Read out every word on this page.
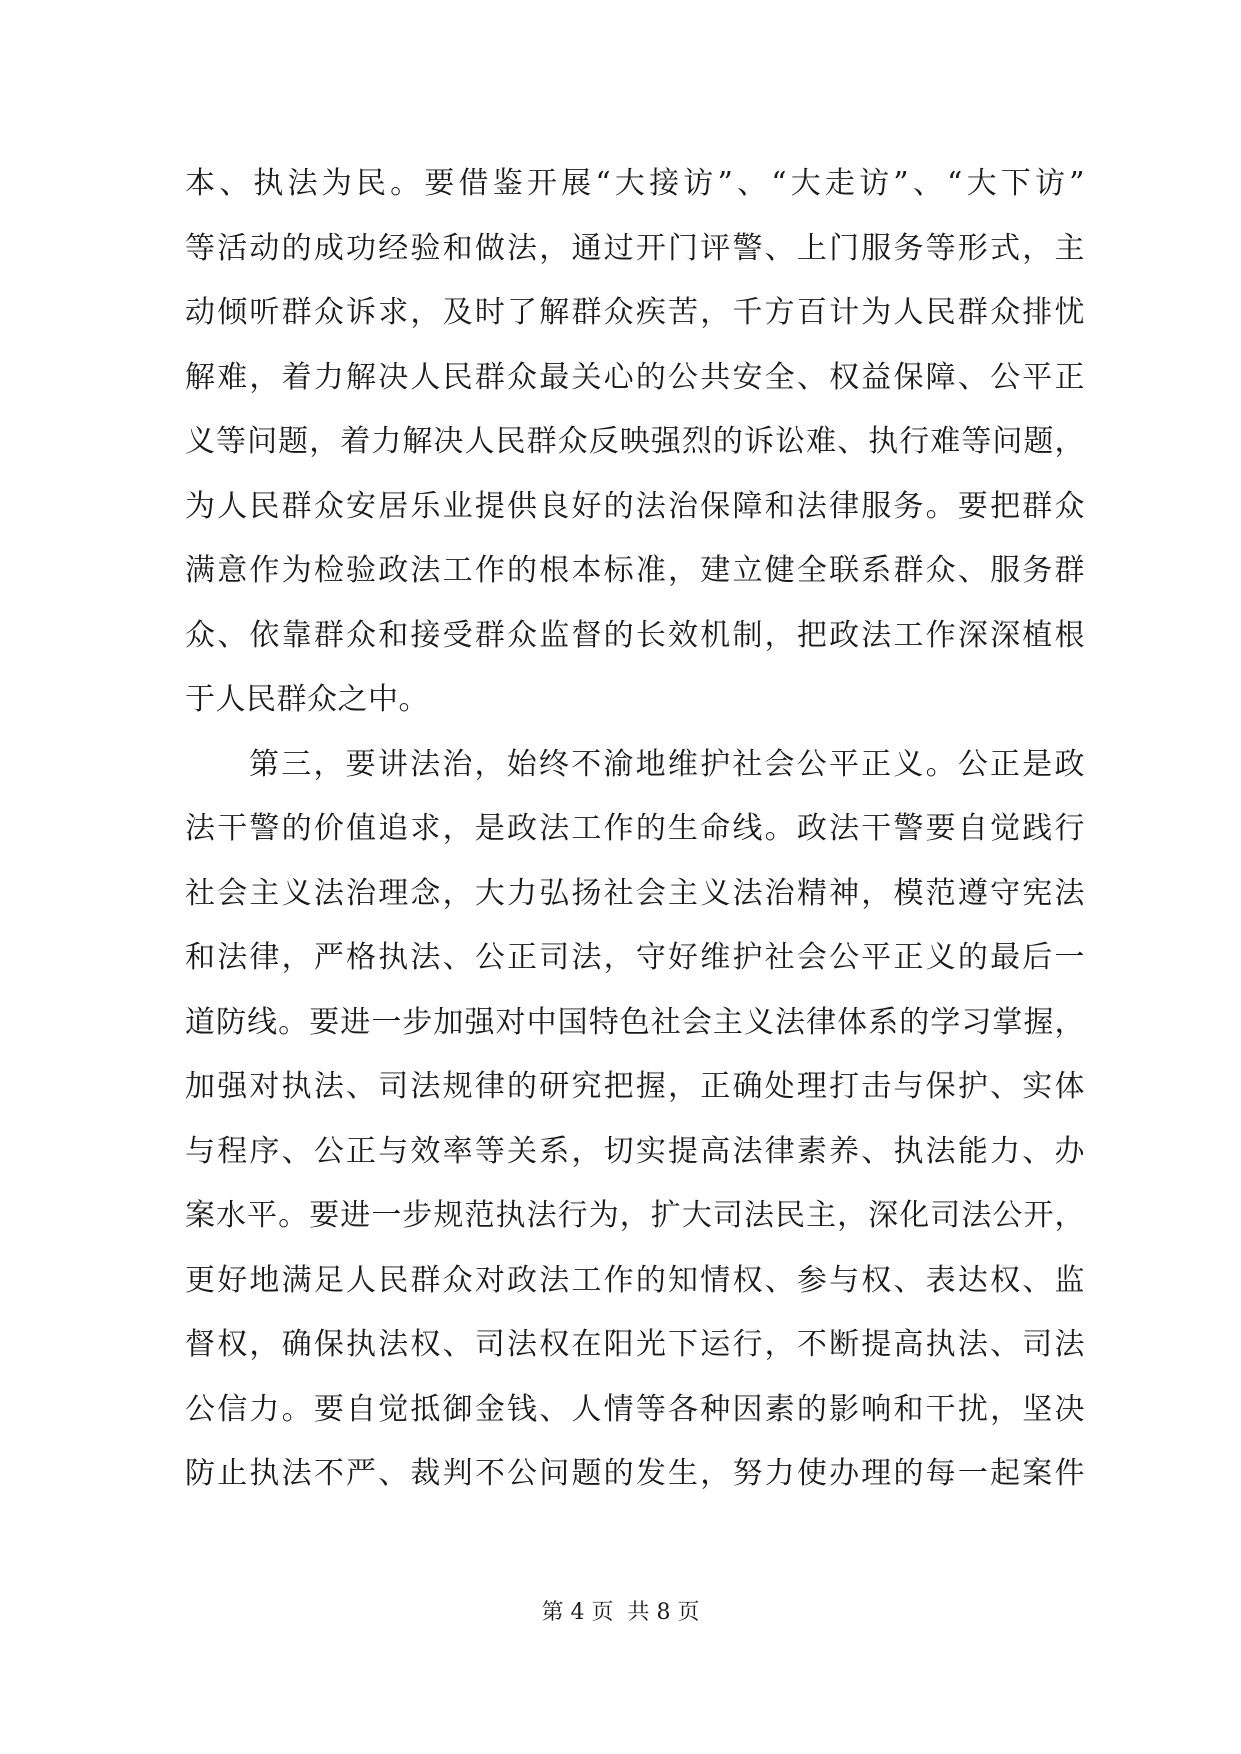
本、执法为民。要借鉴开展“大接访”、“大走访”、“大下访”
等活动的成功经验和做法，通过开门评警、上门服务等形式，主
动倾听群众诉求，及时了解群众疾苦，千方百计为人民群众排忧
解难，着力解决人民群众最关心的公共安全、权益保障、公平正
义等问题，着力解决人民群众反映强烈的诉讼难、执行难等问题，
为人民群众安居乐业提供良好的法治保障和法律服务。要把群众
满意作为检验政法工作的根本标准，建立健全联系群众、服务群
众、依靠群众和接受群众监督的长效机制，把政法工作深深植根
于人民群众之中。
第三，要讲法治，始终不渝地维护社会公平正义。公正是政
法干警的价值追求，是政法工作的生命线。政法干警要自觉践行
社会主义法治理念，大力弘扬社会主义法治精神，模范遵守宪法
和法律，严格执法、公正司法，守好维护社会公平正义的最后一
道防线。要进一步加强对中国特色社会主义法律体系的学习掌握，
加强对执法、司法规律的研究把握，正确处理打击与保护、实体
与程序、公正与效率等关系，切实提高法律素养、执法能力、办
案水平。要进一步规范执法行为，扩大司法民主，深化司法公开，
更好地满足人民群众对政法工作的知情权、参与权、表达权、监
督权，确保执法权、司法权在阳光下运行，不断提高执法、司法
公信力。要自觉抵御金钱、人情等各种因素的影响和干扰，坚决
防止执法不严、裁判不公问题的发生，努力使办理的每一起案件
第 4 页  共 8 页
